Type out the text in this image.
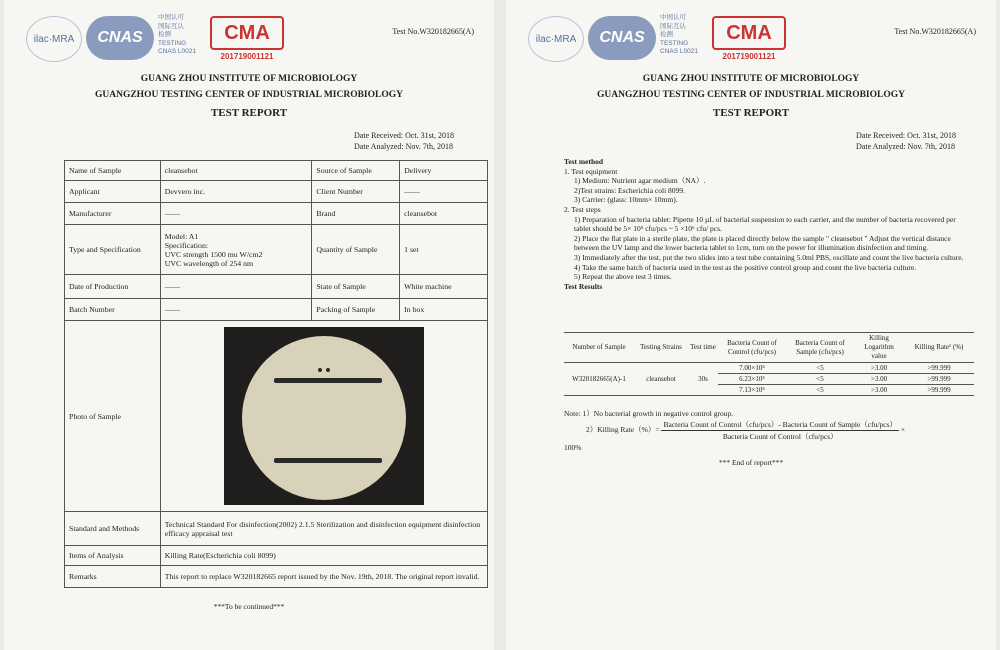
ilac·MRA	CNAS
中国认可
国际互认
检测
TESTING
CNAS L0021
CMA
201719001121
Test No.W320182665(A)
GUANG ZHOU INSTITUTE OF MICROBIOLOGY
GUANGZHOU TESTING CENTER OF INDUSTRIAL MICROBIOLOGY
TEST REPORT
Date Received: Oct. 31st, 2018
Date Analyzed: Nov. 7th, 2018
Name of Sample	cleansebot	Source of Sample	Delivery
Applicant	Devvero inc.	Client Number	——
Manufacturer	——	Brand	cleansebot
Type and Specification	Model: A1
Specification:
UVC strength 1500 mu W/cm2
UVC wavelength of 254 nm	Quantity of Sample	1 set
Date of Production	——	State of Sample	White machine
Batch Number	——	Packing of Sample	In box
Photo of Sample			

Standard and Methods	Technical Standard For disinfection(2002) 2.1.5 Sterilization and disinfection equipment disinfection efficacy appraisal test		
Items of Analysis	Killing Rate(Escherichia coli 8099)		
Remarks	This report to replace W320182665 report issued by the Nov. 19th, 2018. The original report invalid.		
***To be continued***
ilac·MRA	CNAS
中国认可
国际互认
检测
TESTING
CNAS L0021
CMA
201719001121
Test No.W320182665(A)
GUANG ZHOU INSTITUTE OF MICROBIOLOGY
GUANGZHOU TESTING CENTER OF INDUSTRIAL MICROBIOLOGY
TEST REPORT
Date Received: Oct. 31st, 2018
Date Analyzed: Nov. 7th, 2018

Test method

1. Test equipment

1) Medium: Nutrient agar medium（NA）.

2)Test strains: Escherichia coli 8099.

3) Carrier: (glass: 10mm× 10mm).

2. Test steps

1) Preparation of bacteria tablet: Pipette 10 µL of bacterial suspension to each carrier, and the number of bacteria recovered per tablet should be 5× 10⁵ cfu/pcs ~ 5 ×10⁶ cfu/ pcs.

2) Place the flat plate in a sterile plate, the plate is placed directly below the sample " cleansebot " Adjust the vertical distance between the UV lamp and the lower bacteria tablet to 1cm, turn on the power for illumination disinfection and timing.

3) Immediately after the test, put the two slides into a test tube containing 5.0ml PBS, oscillate and count the live bacteria culture.

4) Take the same batch of bacteria used in the test as the positive control group and count the live bacteria culture.

5) Repeat the above test 3 times.

Test Results

Number of Sample	Testing Strains	Test time	Bacteria Count of Control (cfu/pcs)	Bacteria Count of Sample (cfu/pcs)	Killing Logarithm value	Killing Rate¹ (%)
W320182665(A)-1	cleansebot	30s	7.00×10⁵	<5	>3.00	>99.999
			6.23×10⁵	<5	>3.00	>99.999
			7.13×10⁵	<5	>3.00	>99.999
Note: 1）No bacterial growth in negative control group.
2）Killing Rate（%）=
Bacteria Count of Control（cfu/pcs）- Bacteria Count of Sample（cfu/pcs）
Bacteria Count of Control（cfu/pcs）
×
100%
*** End of report***
